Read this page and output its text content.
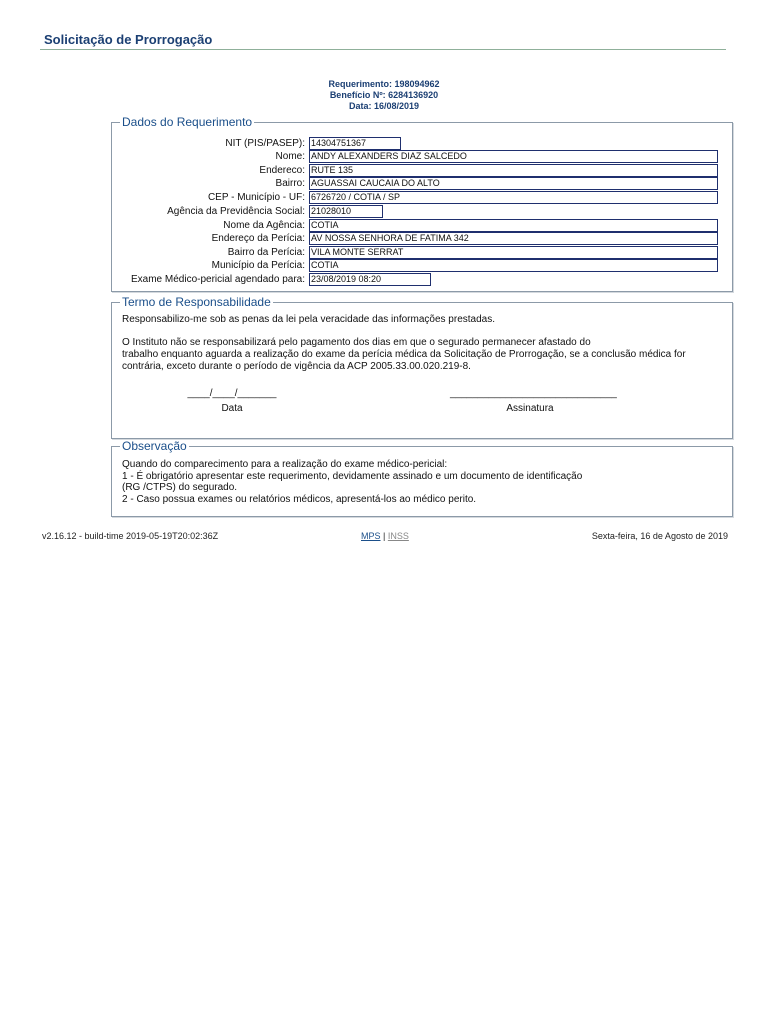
Solicitação de Prorrogação
Requerimento: 198094962
Benefício Nº: 6284136920
Data: 16/08/2019
Dados do Requerimento
NIT (PIS/PASEP): 14304751367
Nome: ANDY ALEXANDERS DIAZ SALCEDO
Endereco: RUTE 135
Bairro: AGUASSAI CAUCAIA DO ALTO
CEP - Município - UF: 6726720 / COTIA / SP
Agência da Previdência Social: 21028010
Nome da Agência: COTIA
Endereço da Perícia: AV NOSSA SENHORA DE FATIMA 342
Bairro da Perícia: VILA MONTE SERRAT
Município da Perícia: COTIA
Exame Médico-pericial agendado para: 23/08/2019 08:20
Termo de Responsabilidade
Responsabilizo-me sob as penas da lei pela veracidade das informações prestadas.
O Instituto não se responsabilizará pelo pagamento dos dias em que o segurado permanecer afastado do
trabalho enquanto aguarda a realização do exame da perícia médica da Solicitação de Prorrogação, se a conclusão médica for
contrária, exceto durante o período de vigência da ACP 2005.33.00.020.219-8.
____/____/_______
Data
______________________________
Assinatura
Observação
Quando do comparecimento para a realização do exame médico-pericial:
1 - É obrigatório apresentar este requerimento, devidamente assinado e um documento de identificação
(RG /CTPS) do segurado.
2 - Caso possua exames ou relatórios médicos, apresentá-los ao médico perito.
v2.16.12 - build-time 2019-05-19T20:02:36Z	MPS | INSS	Sexta-feira, 16 de Agosto de 2019
